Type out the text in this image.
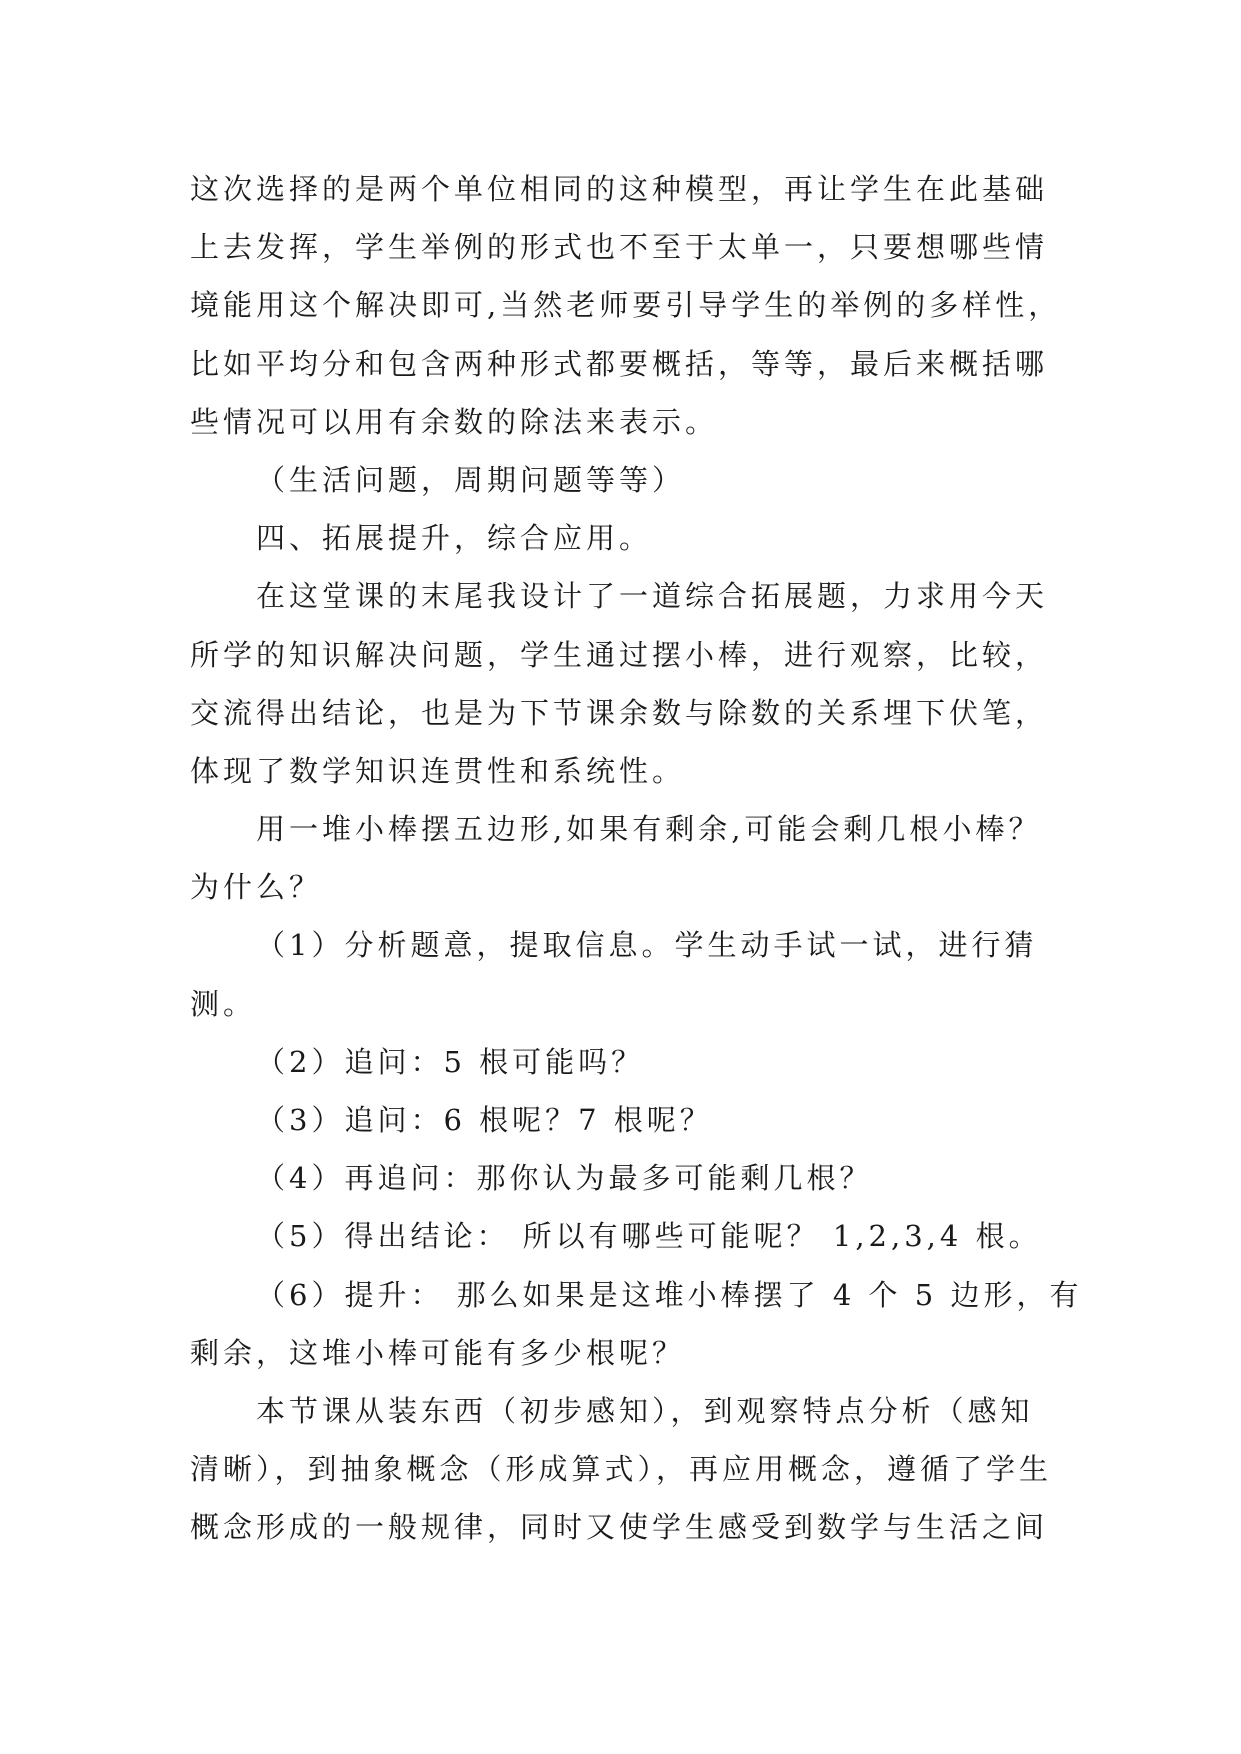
这次选择的是两个单位相同的这种模型，再让学生在此基础
上去发挥，学生举例的形式也不至于太单一，只要想哪些情
境能用这个解决即可,当然老师要引导学生的举例的多样性，
比如平均分和包含两种形式都要概括，等等，最后来概括哪
些情况可以用有余数的除法来表示。
（生活问题，周期问题等等）
四、拓展提升，综合应用。
在这堂课的末尾我设计了一道综合拓展题，力求用今天
所学的知识解决问题，学生通过摆小棒，进行观察，比较，
交流得出结论，也是为下节课余数与除数的关系埋下伏笔，
体现了数学知识连贯性和系统性。
用一堆小棒摆五边形,如果有剩余,可能会剩几根小棒？
为什么？
（1）分析题意，提取信息。学生动手试一试，进行猜
测。
（2）追问：5 根可能吗？
（3）追问：6 根呢？7 根呢？
（4）再追问：那你认为最多可能剩几根？
（5）得出结论： 所以有哪些可能呢？ 1,2,3,4 根。
（6）提升： 那么如果是这堆小棒摆了 4 个 5 边形，有
剩余，这堆小棒可能有多少根呢？
本节课从装东西（初步感知），到观察特点分析（感知
清晰），到抽象概念（形成算式），再应用概念，遵循了学生
概念形成的一般规律，同时又使学生感受到数学与生活之间
